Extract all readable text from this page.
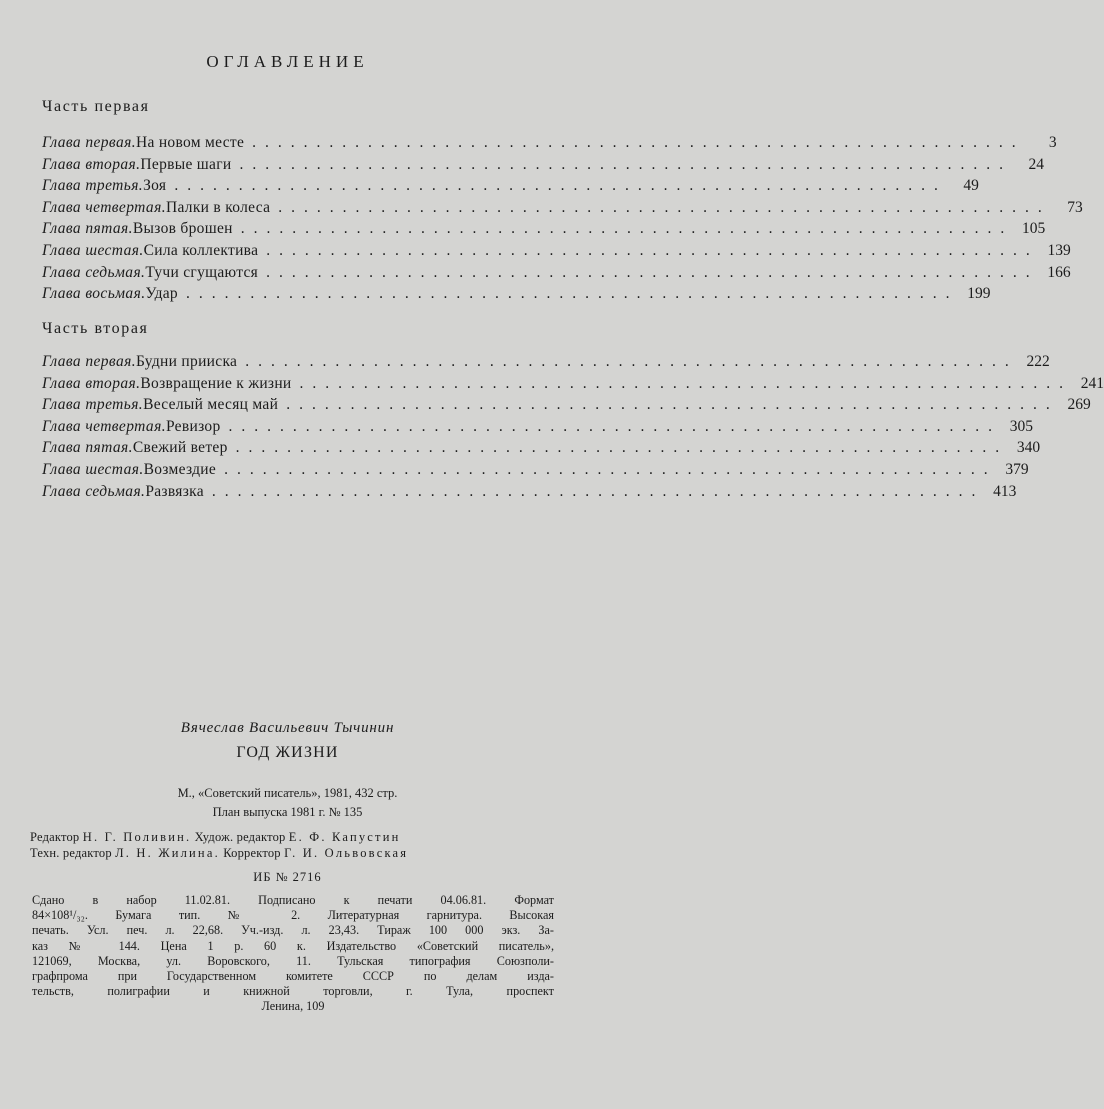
ОГЛАВЛЕНИЕ
Часть первая
Глава первая. На новом месте ............................................................	3
Глава вторая. Первые шаги ............................................................	24
Глава третья. Зоя ............................................................	49
Глава четвертая. Палки в колеса ............................................................	73
Глава пятая. Вызов брошен ............................................................ 105
Глава шестая. Сила коллектива ............................................................ 139
Глава седьмая. Тучи сгущаются ............................................................ 166
Глава восьмая. Удар ............................................................ 199
Часть вторая
Глава первая. Будни прииска ............................................................ 222
Глава вторая. Возвращение к жизни ............................................................ 241
Глава третья. Веселый месяц май ............................................................ 269
Глава четвертая. Ревизор ............................................................ 305
Глава пятая. Свежий ветер ............................................................ 340
Глава шестая. Возмездие ............................................................ 379
Глава седьмая. Развязка ............................................................ 413
Вячеслав Васильевич Тычинин
ГОД ЖИЗНИ
М., «Советский писатель», 1981, 432 стр.
План выпуска 1981 г. № 135
Редактор Н. Г. Поливин. Худож. редактор Е. Ф. Капустин
Техн. редактор Л. Н. Жилина. Корректор Г. И. Ольвовская
ИБ № 2716
Сдано в набор 11.02.81. Подписано к печати 04.06.81. Формат
84×108¹/₃₂. Бумага тип. № 2. Литературная гарнитура. Высокая
печать. Усл. печ. л. 22,68. Уч.-изд. л. 23,43. Тираж 100 000 экз. За-
каз № 144. Цена 1 р. 60 к. Издательство «Советский писатель»,
121069, Москва, ул. Воровского, 11. Тульская типография Союзполи-
графпрома при Государственном комитете СССР по делам изда-
тельств, полиграфии и книжной торговли, г. Тула, проспект
Ленина, 109
